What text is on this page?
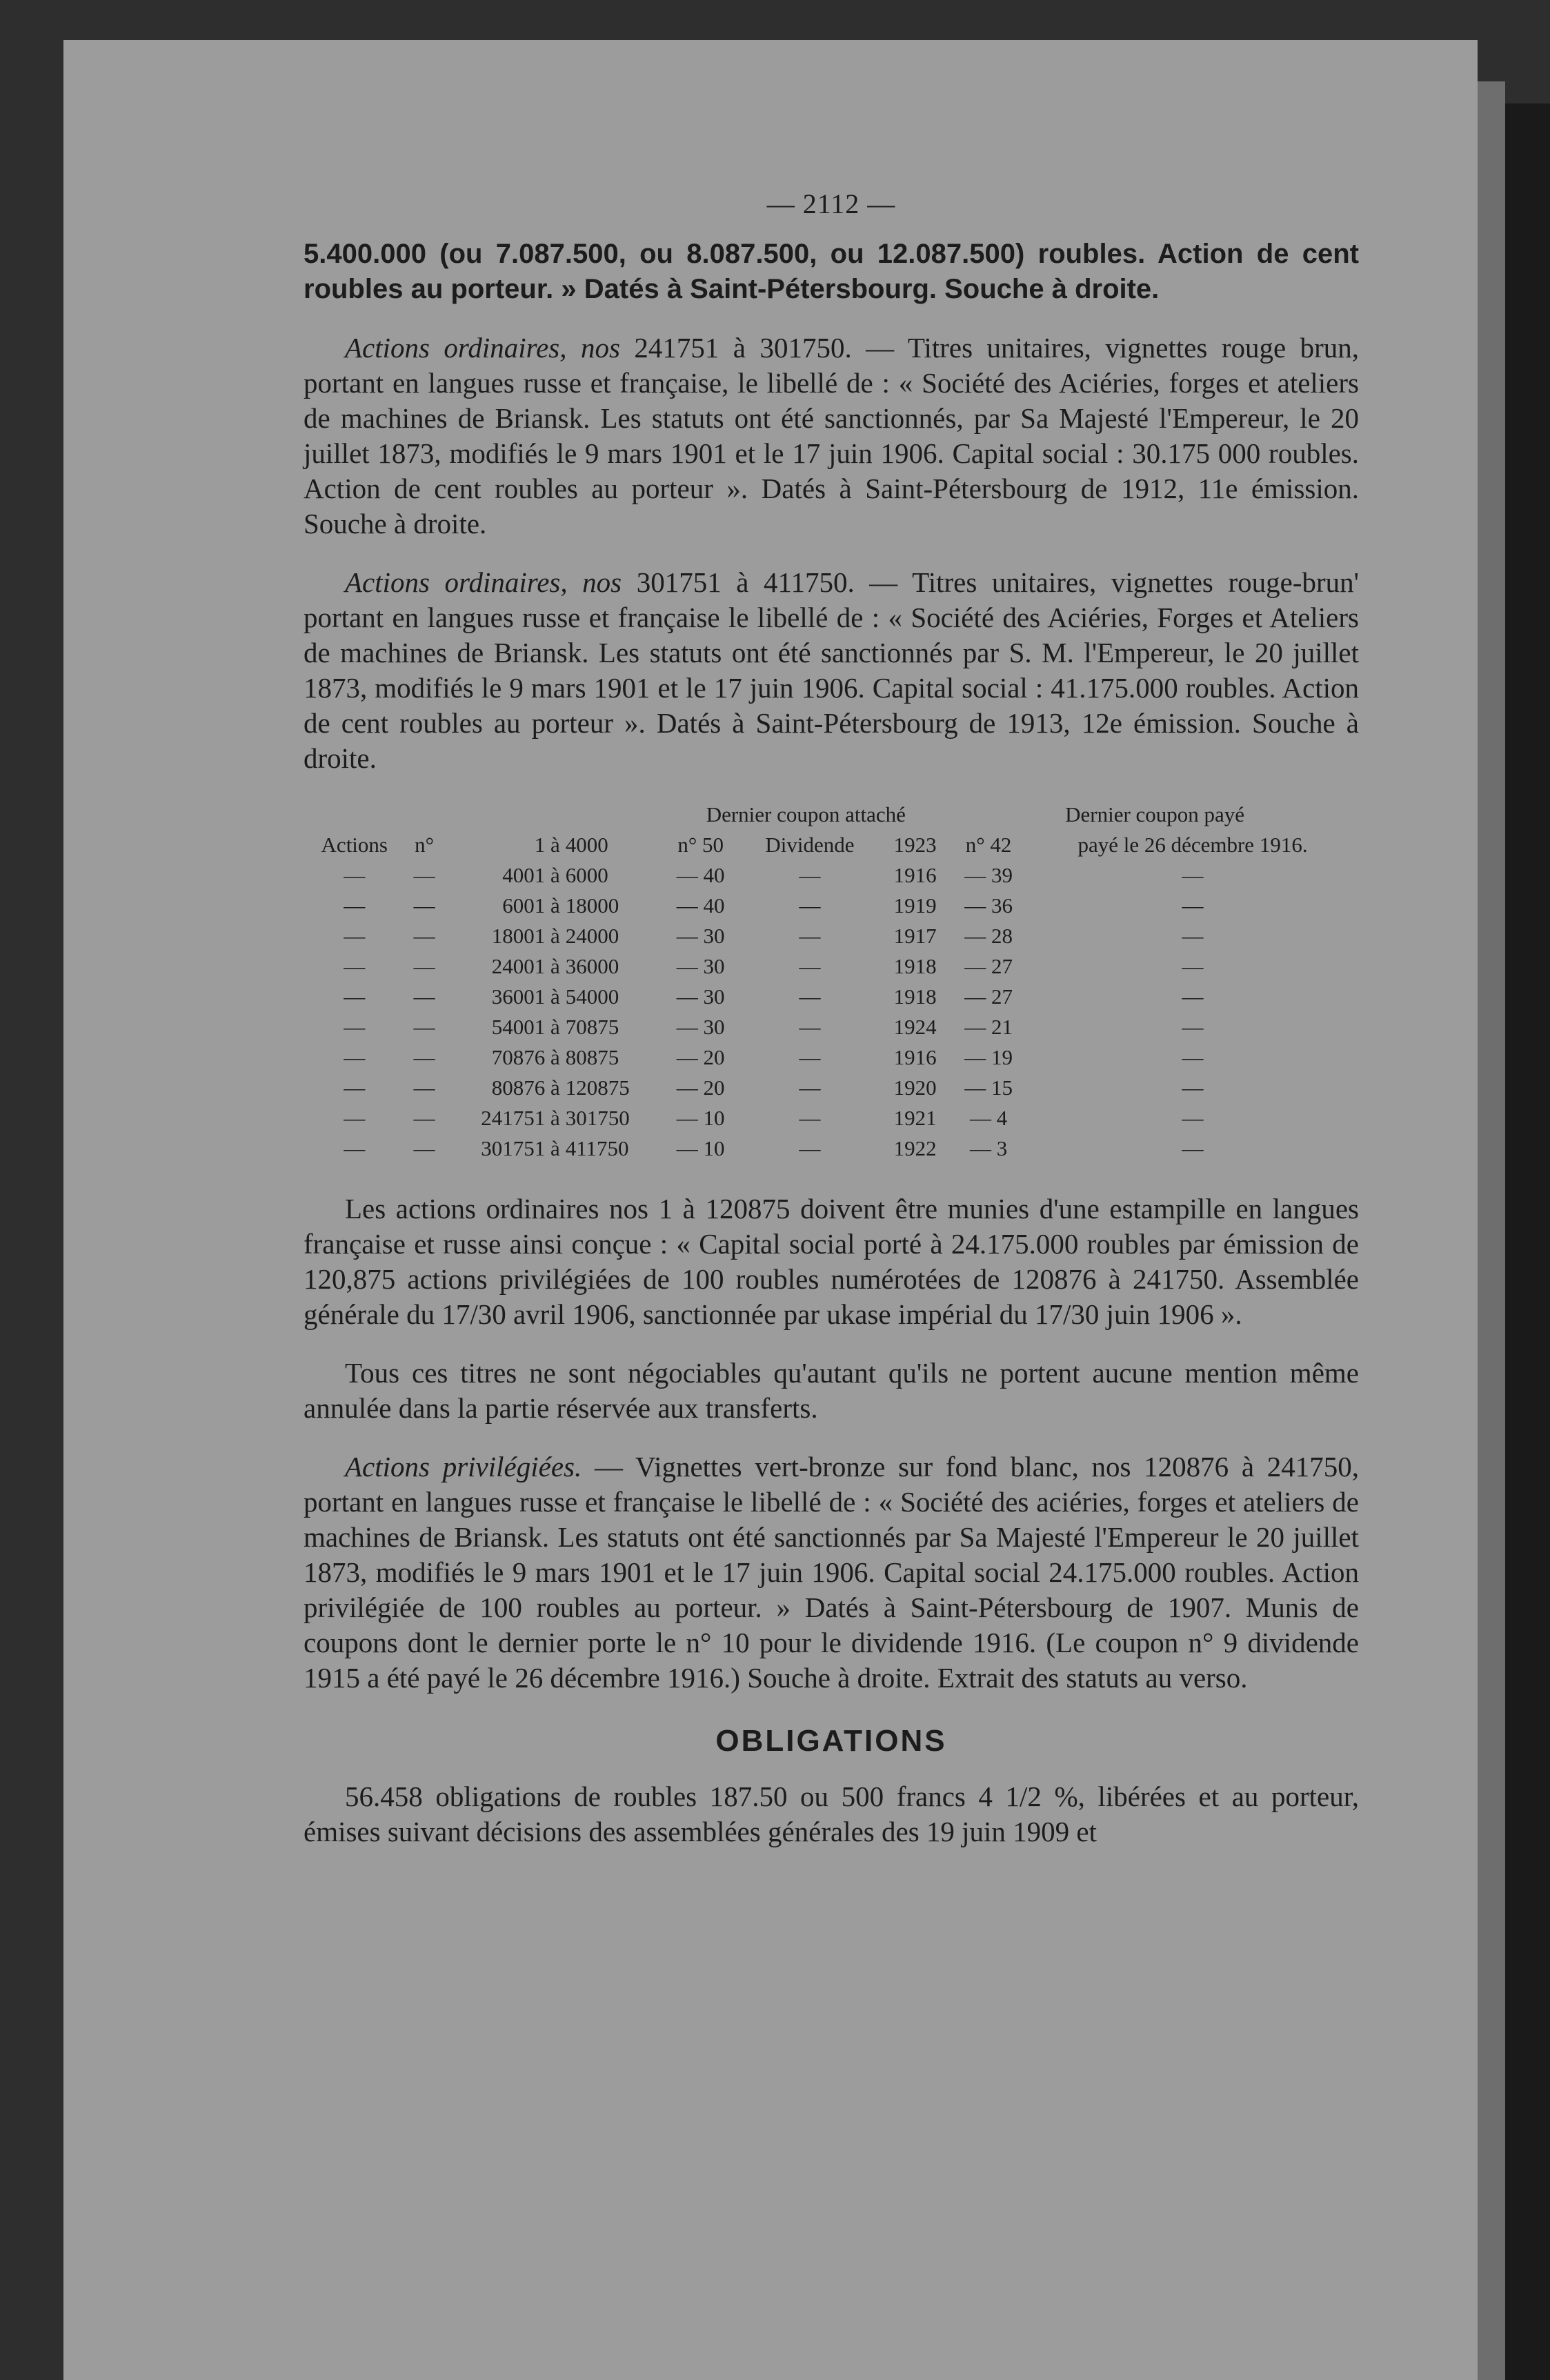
— 2112 —

5.400.000 (ou 7.087.500, ou 8.087.500, ou 12.087.500) roubles. Action de cent roubles au porteur. » Datés à Saint-Pétersbourg. Souche à droite.

Actions ordinaires, nos 241751 à 301750. — Titres unitaires, vignettes rouge brun, portant en langues russe et française, le libellé de : « Société des Aciéries, forges et ateliers de machines de Briansk. Les statuts ont été sanctionnés, par Sa Majesté l'Empereur, le 20 juillet 1873, modifiés le 9 mars 1901 et le 17 juin 1906. Capital social : 30.175 000 roubles. Action de cent roubles au porteur ». Datés à Saint-Pétersbourg de 1912, 11e émission. Souche à droite.

Actions ordinaires, nos 301751 à 411750. — Titres unitaires, vignettes rouge-brun' portant en langues russe et française le libellé de : « Société des Aciéries, Forges et Ateliers de machines de Briansk. Les statuts ont été sanctionnés par S. M. l'Empereur, le 20 juillet 1873, modifiés le 9 mars 1901 et le 17 juin 1906. Capital social : 41.175.000 roubles. Action de cent roubles au porteur ». Datés à Saint-Pétersbourg de 1913, 12e émission. Souche à droite.

				Dernier coupon attaché			Dernier coupon payé	
Actions	n°	1 à	4000	n° 50	Dividende	1923	n° 42	payé le 26 décembre 1916.
—	—	4001 à	6000	— 40	—	1916	— 39	—
—	—	6001 à	18000	— 40	—	1919	— 36	—
—	—	18001 à	24000	— 30	—	1917	— 28	—
—	—	24001 à	36000	— 30	—	1918	— 27	—
—	—	36001 à	54000	— 30	—	1918	— 27	—
—	—	54001 à	70875	— 30	—	1924	— 21	—
—	—	70876 à	80875	— 20	—	1916	— 19	—
—	—	80876 à	120875	— 20	—	1920	— 15	—
—	—	241751 à	301750	— 10	—	1921	— 4	—
—	—	301751 à	411750	— 10	—	1922	— 3	—

Les actions ordinaires nos 1 à 120875 doivent être munies d'une estampille en langues française et russe ainsi conçue : « Capital social porté à 24.175.000 roubles par émission de 120,875 actions privilégiées de 100 roubles numérotées de 120876 à 241750. Assemblée générale du 17/30 avril 1906, sanctionnée par ukase impérial du 17/30 juin 1906 ».

Tous ces titres ne sont négociables qu'autant qu'ils ne portent aucune mention même annulée dans la partie réservée aux transferts.

Actions privilégiées. — Vignettes vert-bronze sur fond blanc, nos 120876 à 241750, portant en langues russe et française le libellé de : « Société des aciéries, forges et ateliers de machines de Briansk. Les statuts ont été sanctionnés par Sa Majesté l'Empereur le 20 juillet 1873, modifiés le 9 mars 1901 et le 17 juin 1906. Capital social 24.175.000 roubles. Action privilégiée de 100 roubles au porteur. » Datés à Saint-Pétersbourg de 1907. Munis de coupons dont le dernier porte le n° 10 pour le dividende 1916. (Le coupon n° 9 dividende 1915 a été payé le 26 décembre 1916.) Souche à droite. Extrait des statuts au verso.

OBLIGATIONS

56.458 obligations de roubles 187.50 ou 500 francs 4 1/2 %, libérées et au porteur, émises suivant décisions des assemblées générales des 19 juin 1909 et
